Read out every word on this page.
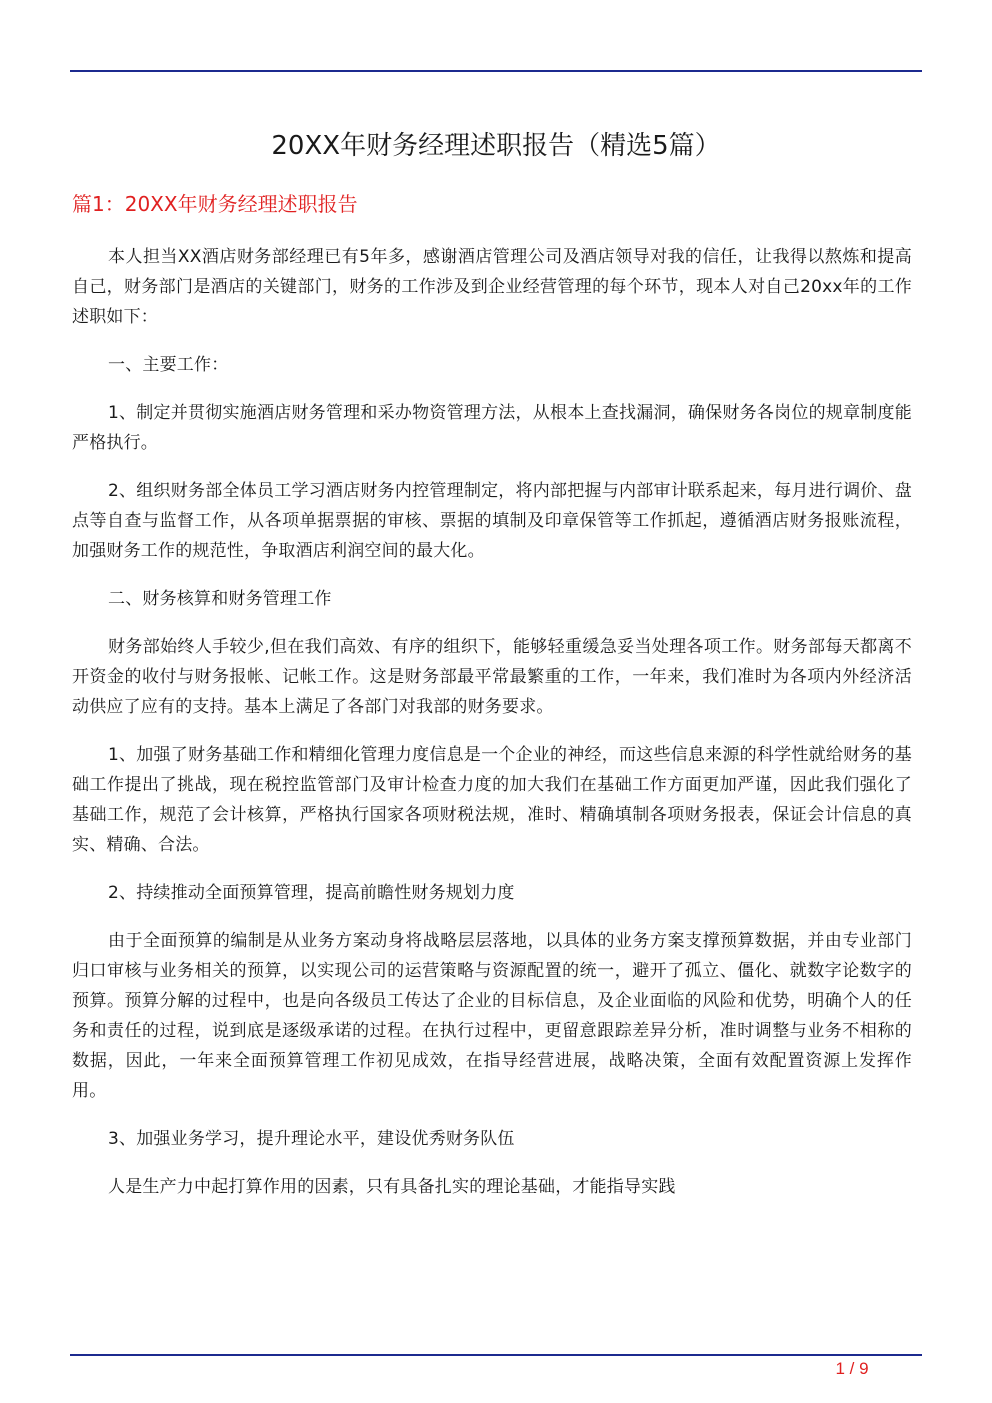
20XX年财务经理述职报告（精选5篇）
篇1：20XX年财务经理述职报告

本人担当XX酒店财务部经理已有5年多，感谢酒店管理公司及酒店领导对我的信任，让我得以熬炼和提高自己，财务部门是酒店的关键部门，财务的工作涉及到企业经营管理的每个环节，现本人对自己20xx年的工作述职如下：

一、主要工作：

1、制定并贯彻实施酒店财务管理和采办物资管理方法，从根本上查找漏洞，确保财务各岗位的规章制度能严格执行。

2、组织财务部全体员工学习酒店财务内控管理制定，将内部把握与内部审计联系起来，每月进行调价、盘点等自查与监督工作，从各项单据票据的审核、票据的填制及印章保管等工作抓起，遵循酒店财务报账流程，加强财务工作的规范性，争取酒店利润空间的最大化。

二、财务核算和财务管理工作

财务部始终人手较少,但在我们高效、有序的组织下，能够轻重缓急妥当处理各项工作。财务部每天都离不开资金的收付与财务报帐、记帐工作。这是财务部最平常最繁重的工作，一年来，我们准时为各项内外经济活动供应了应有的支持。基本上满足了各部门对我部的财务要求。

1、加强了财务基础工作和精细化管理力度信息是一个企业的神经，而这些信息来源的科学性就给财务的基础工作提出了挑战，现在税控监管部门及审计检查力度的加大我们在基础工作方面更加严谨，因此我们强化了基础工作，规范了会计核算，严格执行国家各项财税法规，准时、精确填制各项财务报表，保证会计信息的真实、精确、合法。

2、持续推动全面预算管理，提高前瞻性财务规划力度

由于全面预算的编制是从业务方案动身将战略层层落地，以具体的业务方案支撑预算数据，并由专业部门归口审核与业务相关的预算，以实现公司的运营策略与资源配置的统一，避开了孤立、僵化、就数字论数字的预算。预算分解的过程中，也是向各级员工传达了企业的目标信息，及企业面临的风险和优势，明确个人的任务和责任的过程，说到底是逐级承诺的过程。在执行过程中，更留意跟踪差异分析，准时调整与业务不相称的数据，因此，一年来全面预算管理工作初见成效，在指导经营进展，战略决策，全面有效配置资源上发挥作用。

3、加强业务学习，提升理论水平，建设优秀财务队伍

人是生产力中起打算作用的因素，只有具备扎实的理论基础，才能指导实践

1 / 9
